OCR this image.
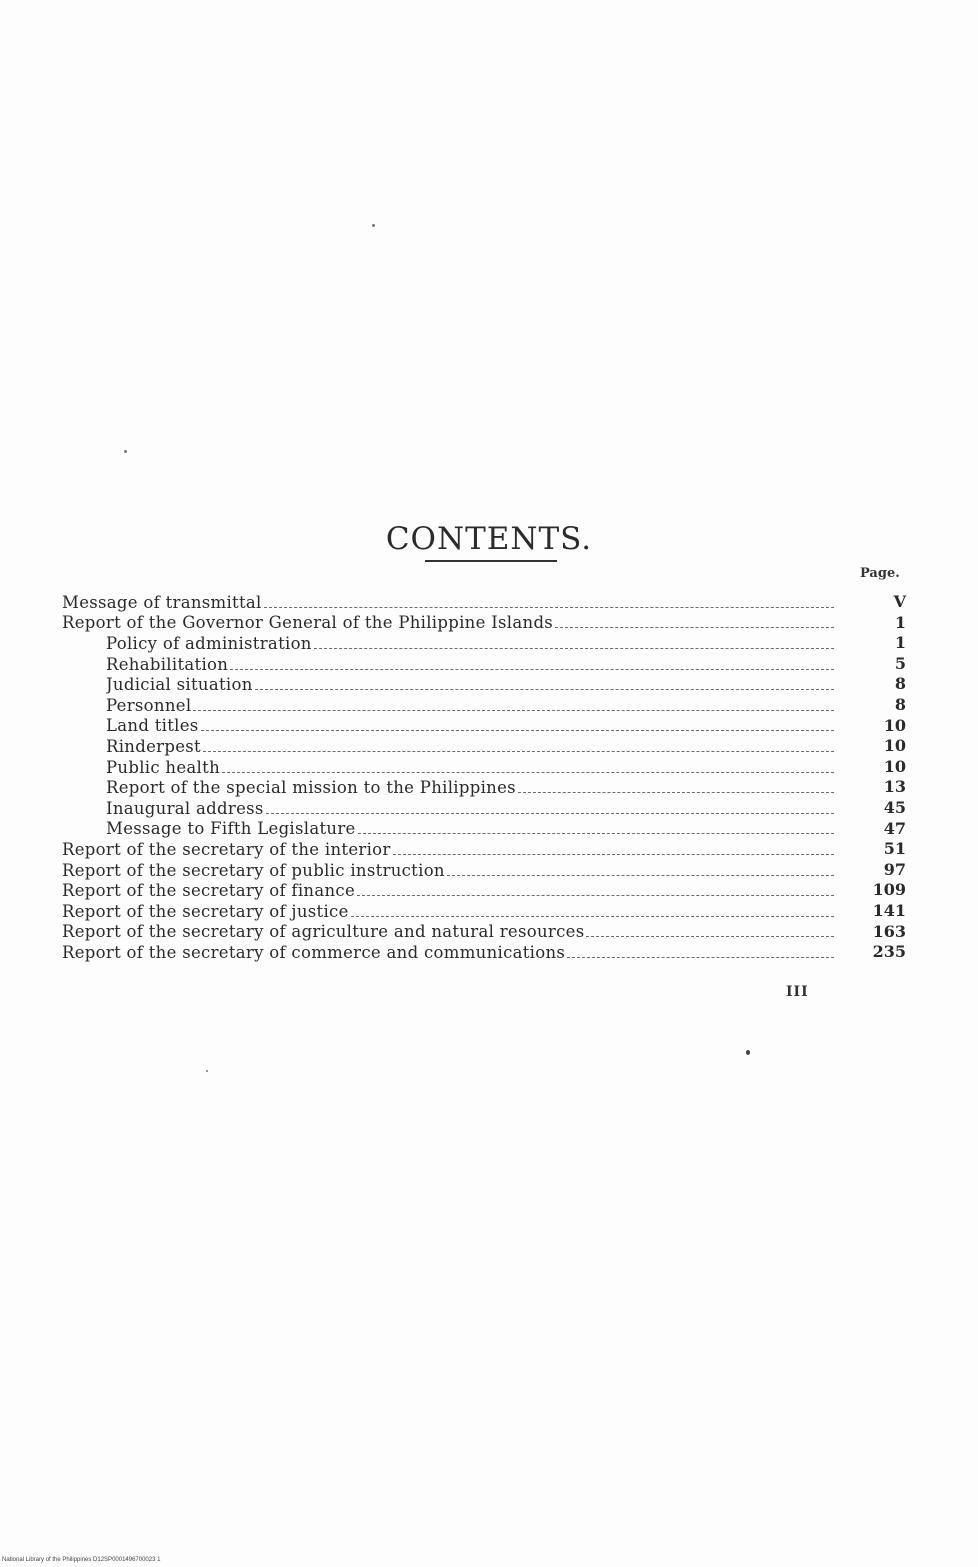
CONTENTS.
Page.
Message of transmittal	V
Report of the Governor General of the Philippine Islands	1
Policy of administration	1
Rehabilitation	5
Judicial situation	8
Personnel	8
Land titles	10
Rinderpest	10
Public health	10
Report of the special mission to the Philippines	13
Inaugural address	45
Message to Fifth Legislature	47
Report of the secretary of the interior	51
Report of the secretary of public instruction	97
Report of the secretary of finance	109
Report of the secretary of justice	141
Report of the secretary of agriculture and natural resources	163
Report of the secretary of commerce and communications	235
III
National Library of the Philippines D12SP0001496700023 1
